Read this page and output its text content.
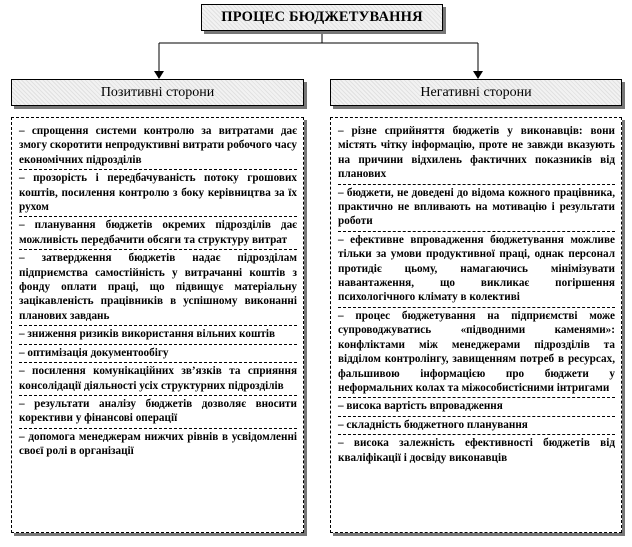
ПРОЦЕС БЮДЖЕТУВАННЯ
Позитивні сторони	Негативні сторони
– спрощення системи контролю за витратами дає змогу скоротити непродуктивні витрати робочого часу економічних підрозділів
– прозорість і передбачуваність потоку грошових коштів, посилення контролю з боку керівництва за їх рухом
– планування бюджетів окремих підрозділів дає можливість передбачити обсяги та структуру витрат
– затвердження бюджетів надає підрозділам підприємства самостійність у витрачанні коштів з фонду оплати праці, що підвищує матеріальну зацікавленість працівників в успішному виконанні планових завдань
– зниження ризиків використання вільних коштів
– оптимізація документообігу
– посилення комунікаційних зв’язків та сприяння консолідації діяльності усіх структурних підрозділів
– результати аналізу бюджетів дозволяє вносити корективи у фінансові операції
– допомога менеджерам нижчих рівнів в усвідомленні своєї ролі в організації
– різне сприйняття бюджетів у виконавців: вони містять чітку інформацію, проте не завжди вказують на причини відхилень фактичних показників від планових
– бюджети, не доведені до відома кожного працівника, практично не впливають на мотивацію і результати роботи
– ефективне впровадження бюджетування можливе тільки за умови продуктивної праці, однак персонал протидіє цьому, намагаючись мінімізувати навантаження, що викликає погіршення психологічного клімату в колективі
– процес бюджетування на підприємстві може супроводжуватись «підводними каменями»: конфліктами між менеджерами підрозділів та відділом контролінгу, завищенням потреб в ресурсах, фальшивою інформацією про бюджети у неформальних колах та міжособистісними інтригами
– висока вартість впровадження
– складність бюджетного планування
– висока залежність ефективності бюджетів від кваліфікації і досвіду виконавців
